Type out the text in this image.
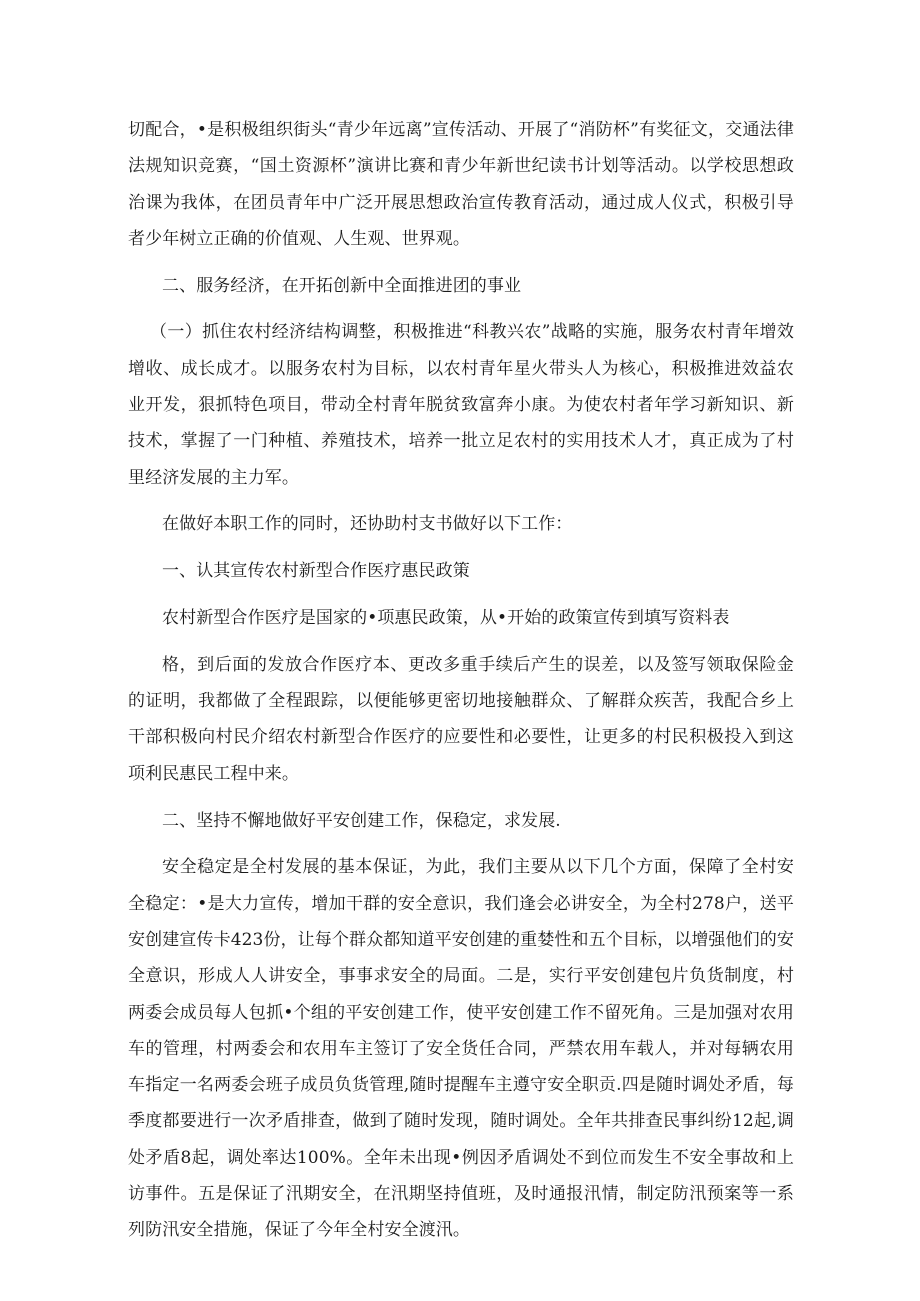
切配合，•是积极组织街头“青少年远离”宣传活动、开展了“消防杯”有奖征文，交通法律法规知识竞赛，“国土资源杯”演讲比赛和青少年新世纪读书计划等活动。以学校思想政治课为我体，在团员青年中广泛开展思想政治宣传教育活动，通过成人仪式，积极引导者少年树立正确的价值观、人生观、世界观。

二、服务经济，在开拓创新中全面推进团的事业

（一）抓住农村经济结构调整，积极推进“科教兴农”战略的实施，服务农村青年增效增收、成长成才。以服务农村为目标，以农村青年星火带头人为核心，积极推进效益农业开发，狠抓特色项目，带动全村青年脱贫致富奔小康。为使农村者年学习新知识、新技术，掌握了一门种植、养殖技术，培养一批立足农村的实用技术人才，真正成为了村里经济发展的主力军。

在做好本职工作的同时，还协助村支书做好以下工作：

一、认其宣传农村新型合作医疗惠民政策

农村新型合作医疗是国家的•项惠民政策，从•开始的政策宣传到填写资料表

格，到后面的发放合作医疗本、更改多重手续后产生的误差，以及签写领取保险金的证明，我都做了全程跟踪，以便能够更密切地接触群众、了解群众疾苦，我配合乡上干部积极向村民介绍农村新型合作医疗的应要性和必要性，让更多的村民积极投入到这项利民惠民工程中来。

二、坚持不懈地做好平安创建工作，保稳定，求发展.

安全稳定是全村发展的基本保证，为此，我们主要从以下几个方面，保障了全村安全稳定：•是大力宣传，增加干群的安全意识，我们逢会必讲安全，为全村278户，送平安创建宣传卡423份，让每个群众都知道平安创建的重婪性和五个目标，以增强他们的安全意识，形成人人讲安全，事事求安全的局面。二是，实行平安创建包片负货制度，村两委会成员每人包抓•个组的平安创建工作，使平安创建工作不留死角。三是加强对农用车的管理，村两委会和农用车主签订了安全货任合同，严禁农用车载人，并对每辆农用车指定一名两委会班子成员负货管理,随时提醒车主遵守安全职贡.四是随时调处矛盾，每季度都要进行一次矛盾排查，做到了随时发现，随时调处。全年共排查民事纠纷12起,调处矛盾8起，调处率达100%。全年未出现•例因矛盾调处不到位而发生不安全事故和上访事件。五是保证了汛期安全，在汛期坚持值班，及时通报汛情，制定防汛预案等一系列防汛安全措施，保证了今年全村安全渡汛。
